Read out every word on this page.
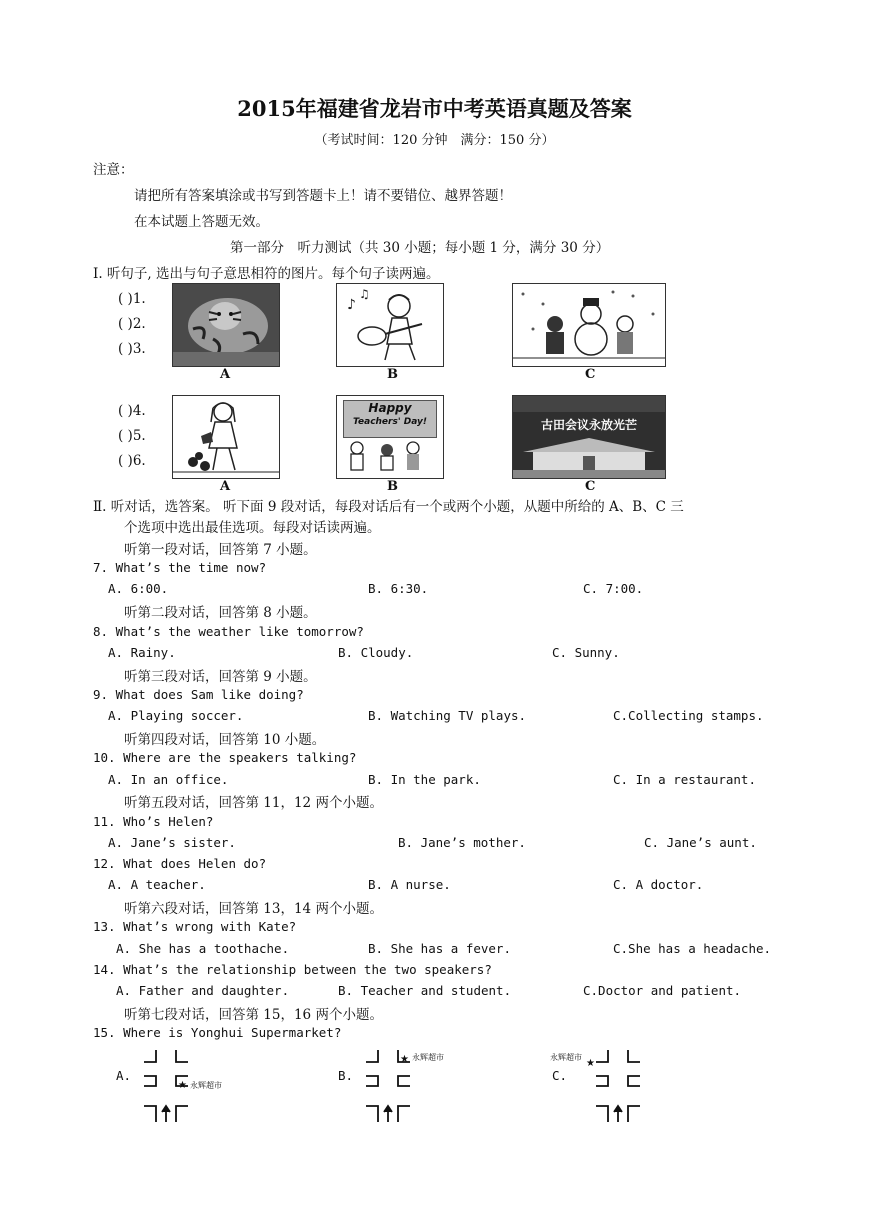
2015年福建省龙岩市中考英语真题及答案
（考试时间：120 分钟　满分：150 分）
注意：
请把所有答案填涂或书写到答题卡上！请不要错位、越界答题！
在本试题上答题无效。
第一部分　听力测试（共 30 小题；每小题 1 分，满分 30 分）
Ⅰ. 听句子, 选出与句子意思相符的图片。每个句子读两遍。
( )1.
( )2.
( )3.
♪
♫
A	B	C
( )4.
( )5.
( )6.
Happy
Teachers' Day!	古田会议永放光芒
A	B	C
Ⅱ. 听对话，选答案。 听下面 9 段对话，每段对话后有一个或两个小题，从题中所给的 A、B、C 三
个选项中选出最佳选项。每段对话读两遍。
听第一段对话，回答第 7 小题。
7. What’s the time now?
A. 6:00.	B. 6:30.	C. 7:00.
听第二段对话，回答第 8 小题。
8. What’s the weather like tomorrow?
A. Rainy.	B. Cloudy.	C. Sunny.
听第三段对话，回答第 9 小题。
9. What does Sam like doing?
A. Playing soccer.	B. Watching TV plays.	C.Collecting stamps.
听第四段对话，回答第 10 小题。
10. Where are the speakers talking?
A. In an office.	B. In the park.	C. In a restaurant.
听第五段对话，回答第 11，12 两个小题。
11. Who’s Helen?
A. Jane’s sister.	B. Jane’s mother.	C. Jane’s aunt.
12. What does Helen do?
A. A teacher.	B. A nurse.	C. A doctor.
听第六段对话，回答第 13，14 两个小题。
13. What’s wrong with Kate?
A. She has a toothache.	B. She has a fever.	C.She has a headache.
14. What’s the relationship between the two speakers?
A. Father and daughter.	B. Teacher and student.	C.Doctor and patient.
听第七段对话，回答第 15，16 两个小题。
15. Where is Yonghui Supermarket?
A.	B.	C.
★ 永辉超市
★ 永辉超市
★
永辉超市
